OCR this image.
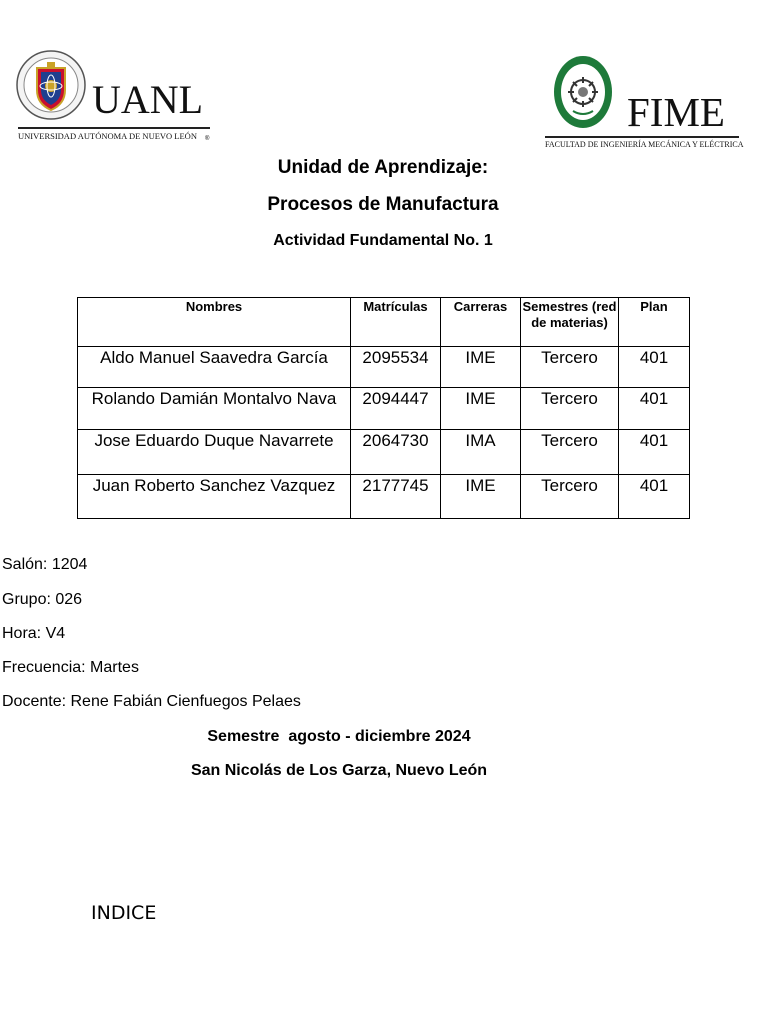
UANL
UNIVERSIDAD AUTÓNOMA DE NUEVO LEÓN ®
FIME
FACULTAD DE INGENIERÍA MECÁNICA Y ELÉCTRICA
Unidad de Aprendizaje:
Procesos de Manufactura
Actividad Fundamental No. 1
Nombres	Matrículas	Carreras	Semestres (red de materias)	Plan
Aldo Manuel Saavedra García	2095534	IME	Tercero	401
Rolando Damián Montalvo Nava	2094447	IME	Tercero	401
Jose Eduardo Duque Navarrete	2064730	IMA	Tercero	401
Juan Roberto Sanchez Vazquez	2177745	IME	Tercero	401
Salón: 1204
Grupo: 026
Hora: V4
Frecuencia: Martes
Docente: Rene Fabián Cienfuegos Pelaes
Semestre  agosto - diciembre 2024
San Nicolás de Los Garza, Nuevo León
INDICE
